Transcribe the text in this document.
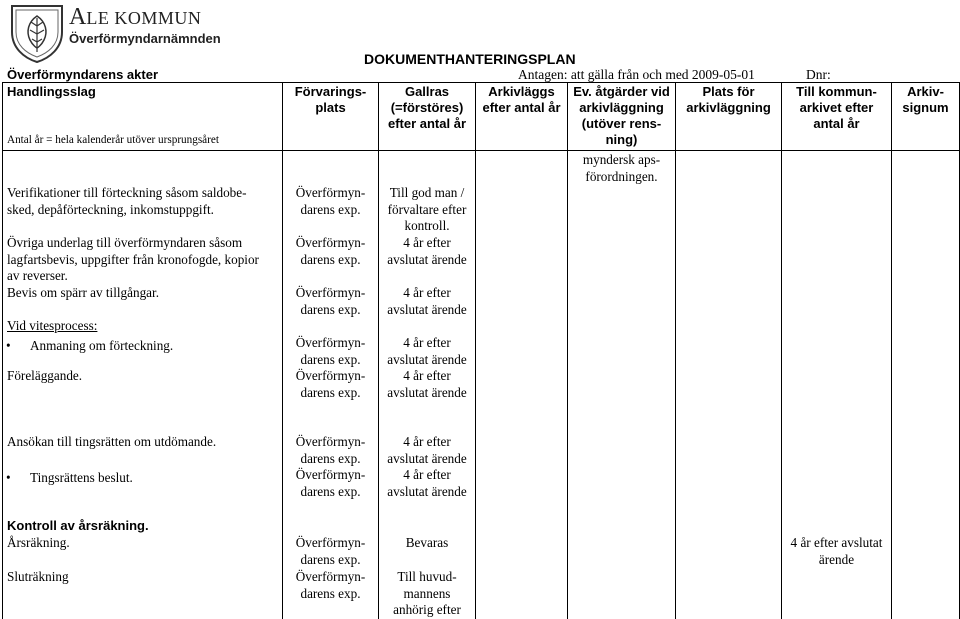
ALE KOMMUN
Överförmyndarnämnden
DOKUMENTHANTERINGSPLAN
Överförmyndarens akter	Antagen: att gälla från och med 2009-05-01	Dnr:
Handlingsslag
Antal år = hela kalenderår utöver ursprungsåret
Förvarings-
plats
Gallras
(=förstöres)
efter antal år
Arkivläggs
efter antal år
Ev. åtgärder vid
arkivläggning
(utöver rens-
ning)
Plats för
arkivläggning
Till kommun-
arkivet efter
antal år
Arkiv-
signum
myndersk aps-
förordningen.
Verifikationer till förteckning såsom saldobe-
sked, depåförteckning, inkomstuppgift.
Övriga underlag till överförmyndaren såsom
lagfartsbevis, uppgifter från kronofogde, kopior
av reverser.
Bevis om spärr av tillgångar.
Vid vitesprocess:
• Anmaning om förteckning.
Föreläggande.
Ansökan till tingsrätten om utdömande.
• Tingsrättens beslut.
Kontroll av årsräkning.
Årsräkning.
Sluträkning
Överförmyn-
darens exp.
Överförmyn-
darens exp.
Överförmyn-
darens exp.
Överförmyn-
darens exp.
Överförmyn-
darens exp.
Överförmyn-
darens exp.
Överförmyn-
darens exp.
Överförmyn-
darens exp.
Överförmyn-
darens exp.
Till god man /
förvaltare efter
kontroll.
4 år efter
avslutat ärende
4 år efter
avslutat ärende
4 år efter
avslutat ärende
4 år efter
avslutat ärende
4 år efter
avslutat ärende
4 år efter
avslutat ärende
Bevaras
Till huvud-
mannens
anhörig efter
4 år efter avslutat
ärende
